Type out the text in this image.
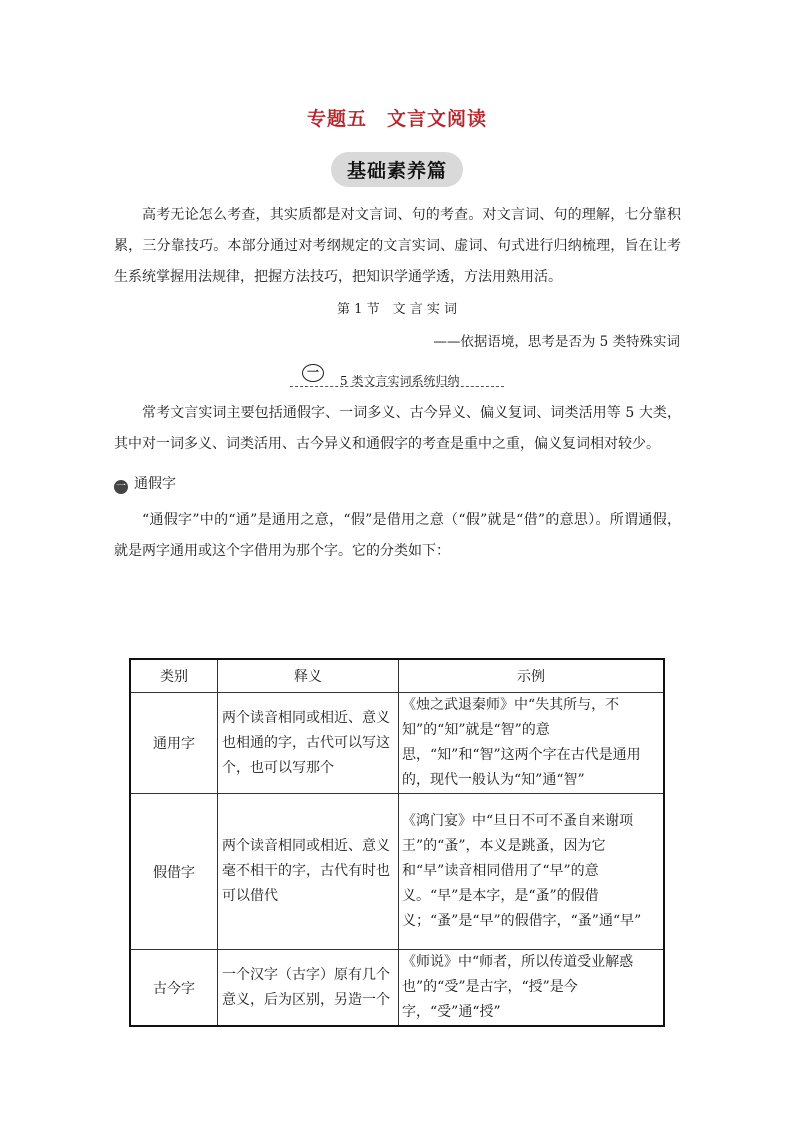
专题五　文言文阅读
基础素养篇
高考无论怎么考查，其实质都是对文言词、句的考查。对文言词、句的理解，七分靠积累，三分靠技巧。本部分通过对考纲规定的文言实词、虚词、句式进行归纳梳理，旨在让考生系统掌握用法规律，把握方法技巧，把知识学通学透，方法用熟用活。
第 1 节　文 言 实 词
——依据语境，思考是否为 5 类特殊实词
一
5 类文言实词系统归纳
常考文言实词主要包括通假字、一词多义、古今异义、偏义复词、词类活用等 5 大类，其中对一词多义、词类活用、古今异义和通假字的考查是重中之重，偏义复词相对较少。
一 通假字
“通假字”中的“通”是通用之意，“假”是借用之意（“假”就是“借”的意思）。所谓通假，就是两字通用或这个字借用为那个字。它的分类如下：
类别	释义	示例
通用字	两个读音相同或相近、意义也相通的字，古代可以写这个，也可以写那个	《烛之武退秦师》中“失其所与，不知”的“知”就是“智”的意思，“知”和“智”这两个字在古代是通用的，现代一般认为“知”通“智”
假借字	两个读音相同或相近、意义毫不相干的字，古代有时也可以借代	《鸿门宴》中“旦日不可不蚤自来谢项王”的“蚤”，本义是跳蚤，因为它和“早”读音相同借用了“早”的意义。“早”是本字，是“蚤”的假借义；“蚤”是“早”的假借字，“蚤”通“早”
古今字	一个汉字（古字）原有几个意义，后为区别，另造一个	《师说》中“师者，所以传道受业解惑也”的“受”是古字，“授”是今字，“受”通“授”
